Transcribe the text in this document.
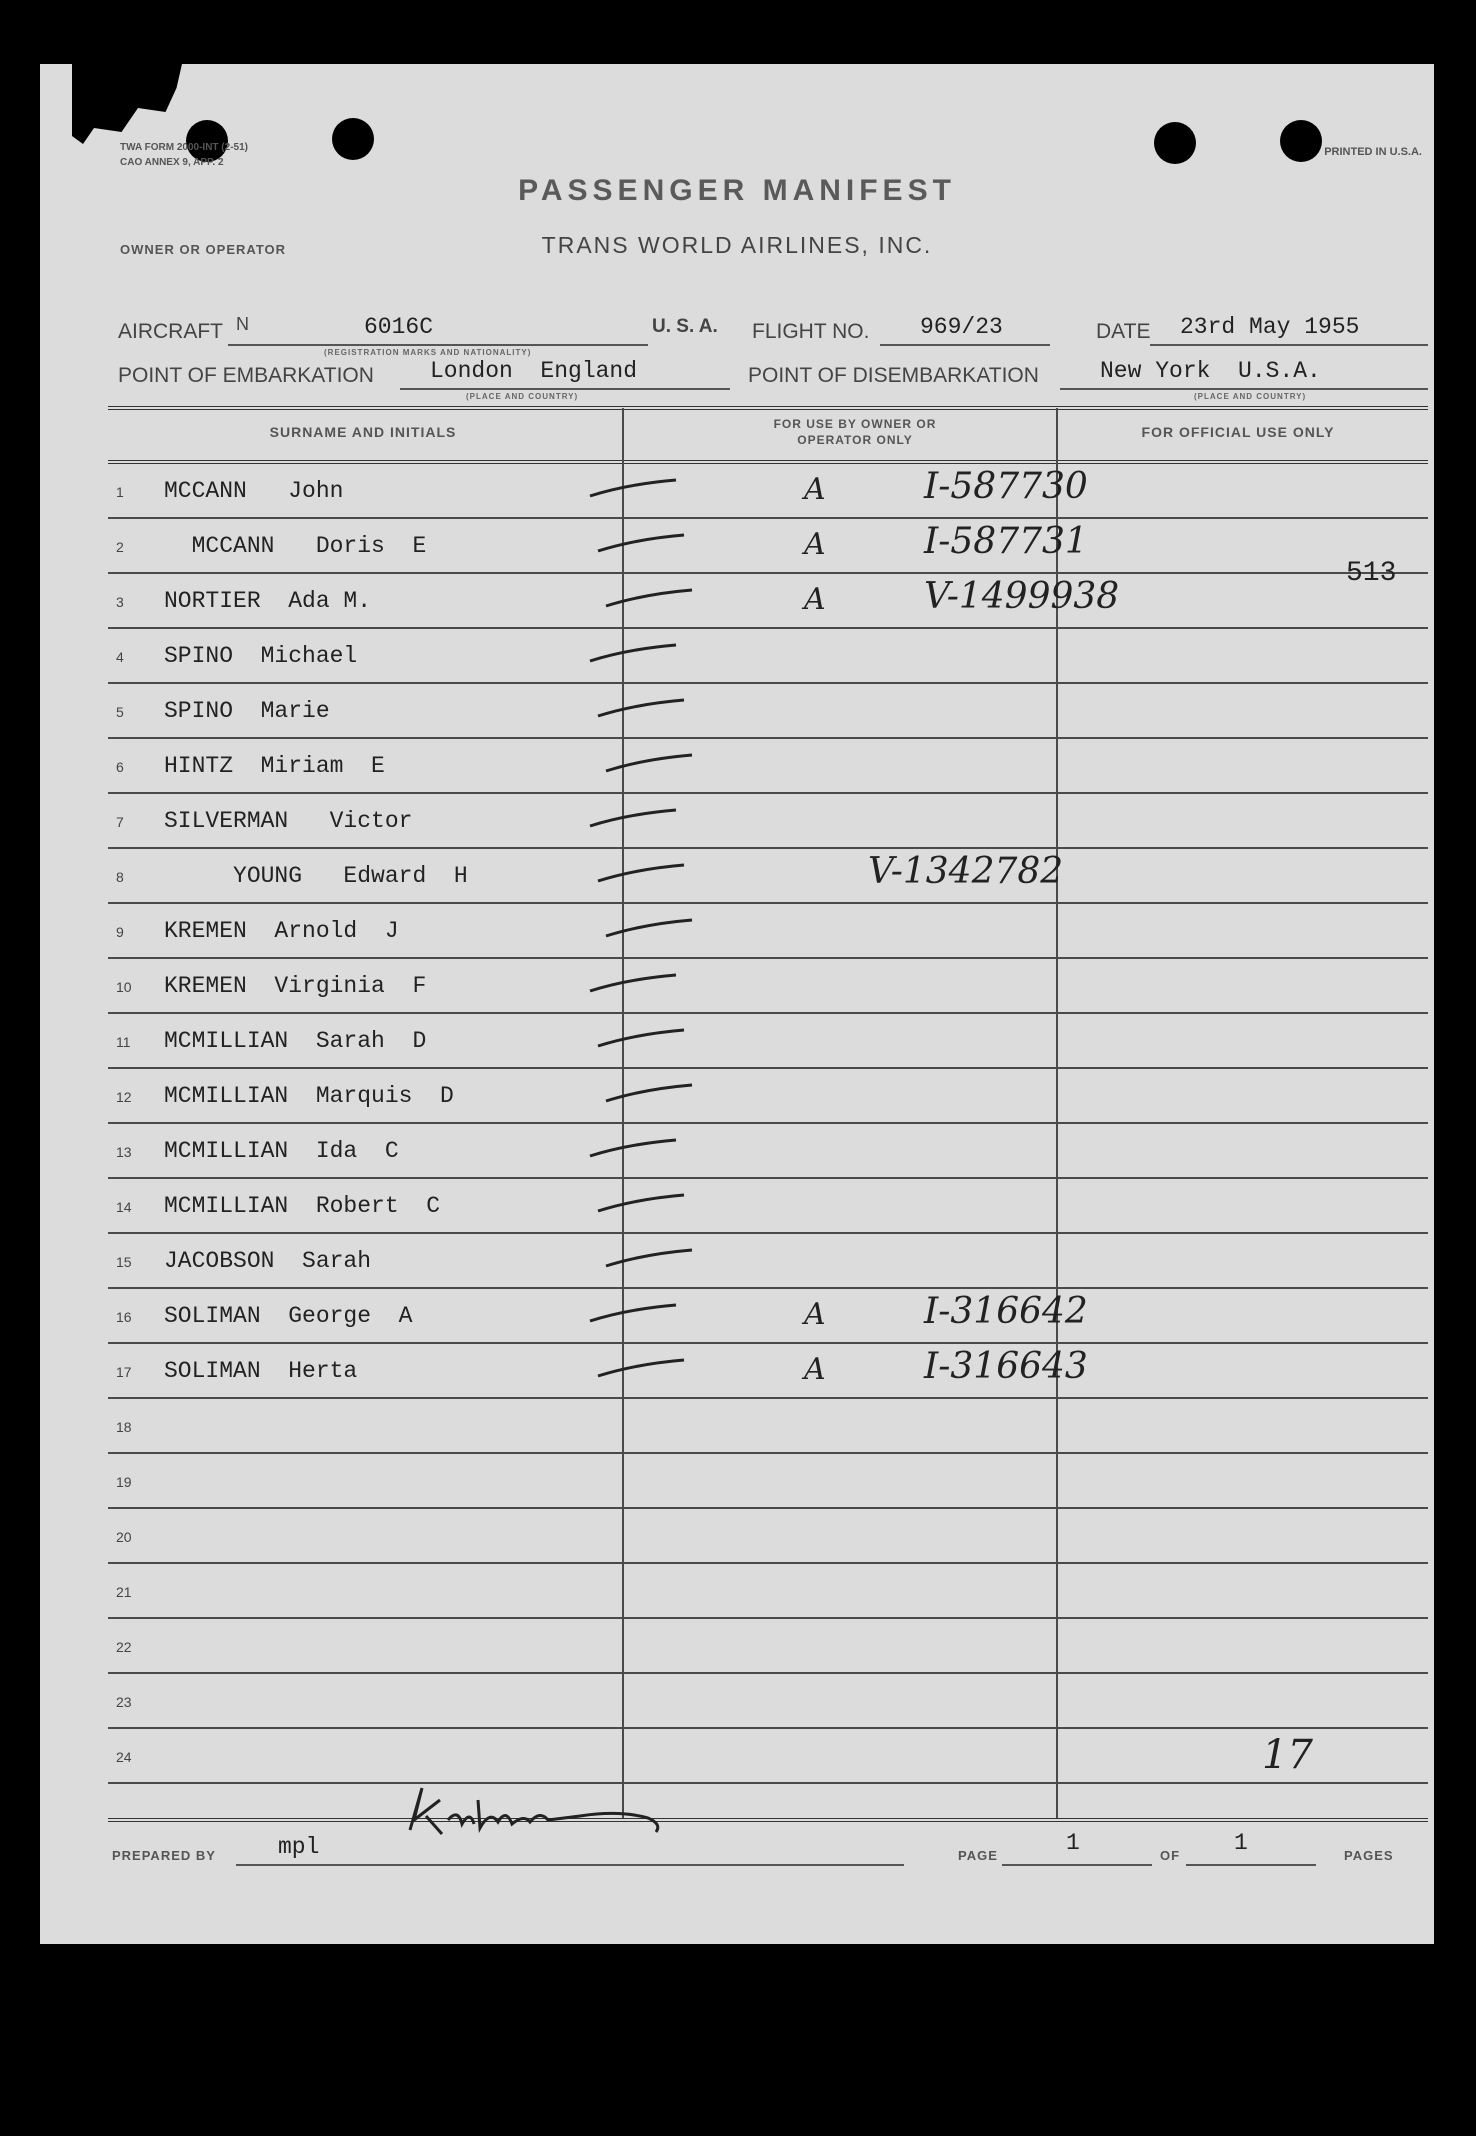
TWA FORM 2000-INT (2-51)
CAO ANNEX 9, APP. 2
PRINTED IN U.S.A.
PASSENGER MANIFEST
OWNER OR OPERATOR	TRANS WORLD AIRLINES, INC.
AIRCRAFT N	6016C
(REGISTRATION MARKS AND NATIONALITY)
U. S. A. FLIGHT NO. 969/23	DATE 23rd May 1955
POINT OF EMBARKATION London  England
(PLACE AND COUNTRY)
POINT OF DISEMBARKATION	New York  U.S.A.
(PLACE AND COUNTRY)
SURNAME AND INITIALS	FOR USE BY OWNER OR OPERATOR ONLY	FOR OFFICIAL USE ONLY
1	MCCANN   John	A	I-587730
2	MCCANN   Doris  E	A	I-587731
3	NORTIER  Ada M.	A	V-1499938
4	SPINO  Michael
5	SPINO  Marie
6	HINTZ  Miriam  E
7	SILVERMAN   Victor
8	YOUNG   Edward  H	V-1342782
9	KREMEN  Arnold  J
10	KREMEN  Virginia  F
11	MCMILLIAN  Sarah  D
12	MCMILLIAN  Marquis  D
13	MCMILLIAN  Ida  C
14	MCMILLIAN  Robert  C
15	JACOBSON  Sarah
16	SOLIMAN  George  A	A	I-316642
17	SOLIMAN  Herta	A	I-316643
18
19
20
21
22
23
24
513
17
PREPARED BY	mpl	PAGE	1	OF 1	PAGES
